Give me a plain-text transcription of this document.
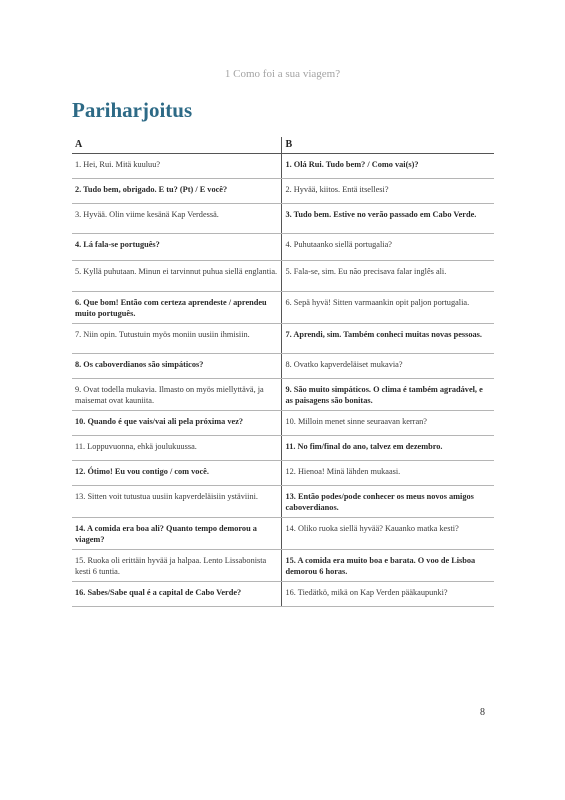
1 Como foi a sua viagem?
Pariharjoitus
A	B
1. Hei, Rui. Mitä kuuluu?	1. Olá Rui. Tudo bem? / Como vai(s)?
2. Tudo bem, obrigado. E tu? (Pt) / E você?	2. Hyvää, kiitos. Entä itsellesi?
3. Hyvää. Olin viime kesänä Kap Verdessä.	3. Tudo bem. Estive no verão passado em Cabo Verde.
4. Lá fala-se português?	4. Puhutaanko siellä portugalia?
5. Kyllä puhutaan. Minun ei tarvinnut puhua siellä englantia.	5. Fala-se, sim. Eu não precisava falar inglês ali.
6. Que bom! Então com certeza aprendeste / aprendeu muito português.	6. Sepä hyvä! Sitten varmaankin opit paljon portugalia.
7. Niin opin. Tutustuin myös moniin uusiin ihmisiin.	7. Aprendi, sim. Também conheci muitas novas pessoas.
8. Os caboverdianos são simpáticos?	8. Ovatko kapverdeläiset mukavia?
9. Ovat todella mukavia. Ilmasto on myös miellyttävä, ja maisemat ovat kauniita.	9. São muito simpáticos. O clima é também agradável, e as paisagens são bonitas.
10. Quando é que vais/vai ali pela próxima vez?	10. Milloin menet sinne seuraavan kerran?
11. Loppuvuonna, ehkä joulukuussa.	11. No fim/final do ano, talvez em dezembro.
12. Ótimo! Eu vou contigo / com você.	12. Hienoa! Minä lähden mukaasi.
13. Sitten voit tutustua uusiin kapverdeläisiin ystäviini.	13. Então podes/pode conhecer os meus novos amigos caboverdianos.
14. A comida era boa ali? Quanto tempo demorou a viagem?	14. Oliko ruoka siellä hyvää? Kauanko matka kesti?
15. Ruoka oli erittäin hyvää ja halpaa. Lento Lissabonista kesti 6 tuntia.	15. A comida era muito boa e barata. O voo de Lisboa demorou 6 horas.
16. Sabes/Sabe qual é a capital de Cabo Verde?	16. Tiedätkö, mikä on Kap Verden pääkaupunki?
8
